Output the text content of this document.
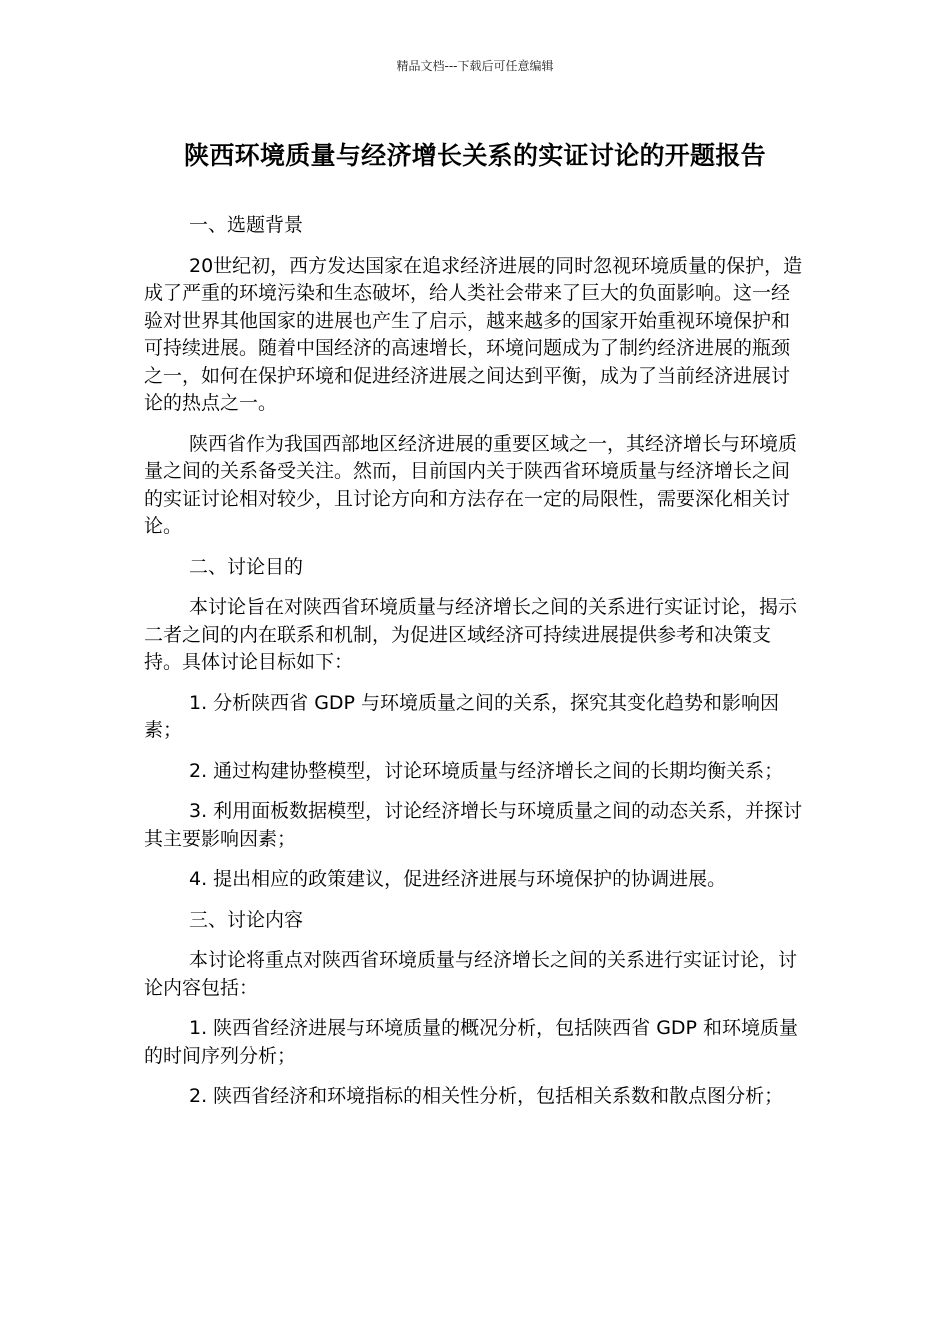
精品文档---下载后可任意编辑
陕西环境质量与经济增长关系的实证讨论的开题报告

一、选题背景

20世纪初，西方发达国家在追求经济进展的同时忽视环境质量的保护，造成了严重的环境污染和生态破坏，给人类社会带来了巨大的负面影响。这一经验对世界其他国家的进展也产生了启示，越来越多的国家开始重视环境保护和可持续进展。随着中国经济的高速增长，环境问题成为了制约经济进展的瓶颈之一，如何在保护环境和促进经济进展之间达到平衡，成为了当前经济进展讨论的热点之一。

陕西省作为我国西部地区经济进展的重要区域之一，其经济增长与环境质量之间的关系备受关注。然而，目前国内关于陕西省环境质量与经济增长之间的实证讨论相对较少，且讨论方向和方法存在一定的局限性，需要深化相关讨论。

二、讨论目的

本讨论旨在对陕西省环境质量与经济增长之间的关系进行实证讨论，揭示二者之间的内在联系和机制，为促进区域经济可持续进展提供参考和决策支持。具体讨论目标如下：

1. 分析陕西省 GDP 与环境质量之间的关系，探究其变化趋势和影响因素；

2. 通过构建协整模型，讨论环境质量与经济增长之间的长期均衡关系；

3. 利用面板数据模型，讨论经济增长与环境质量之间的动态关系，并探讨其主要影响因素；

4. 提出相应的政策建议，促进经济进展与环境保护的协调进展。

三、讨论内容

本讨论将重点对陕西省环境质量与经济增长之间的关系进行实证讨论，讨论内容包括：

1. 陕西省经济进展与环境质量的概况分析，包括陕西省 GDP 和环境质量的时间序列分析；

2. 陕西省经济和环境指标的相关性分析，包括相关系数和散点图分析；
